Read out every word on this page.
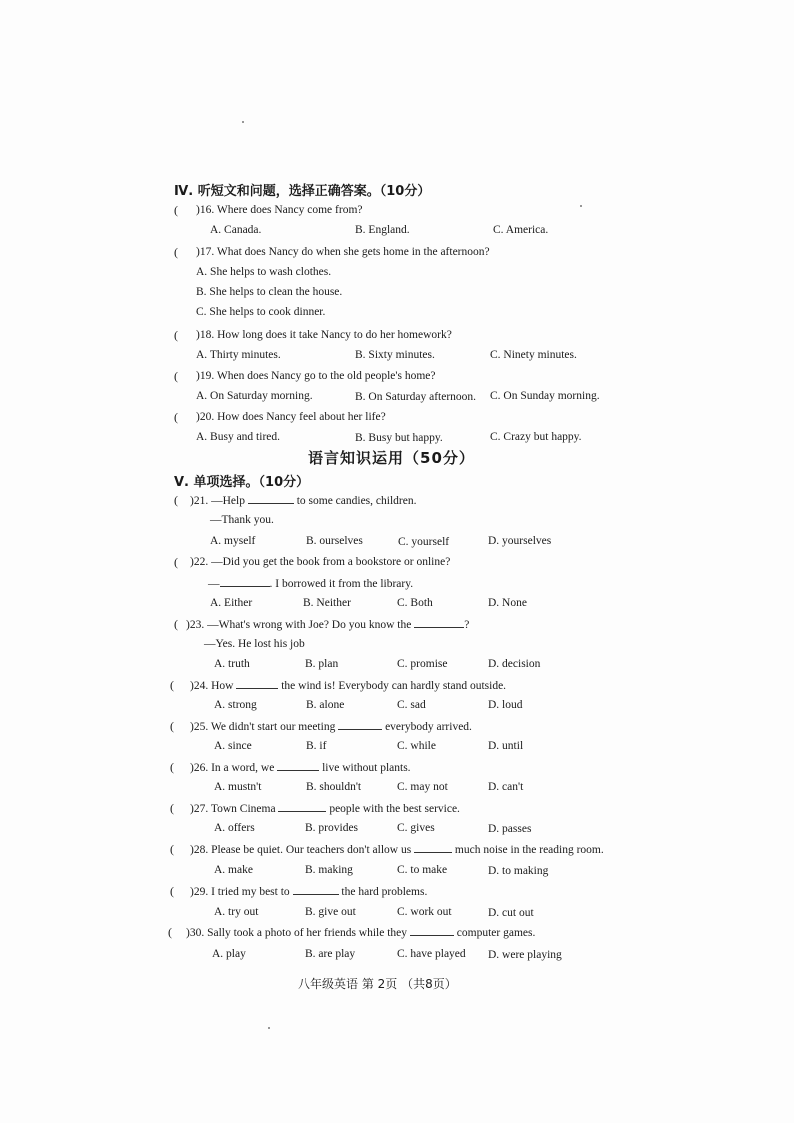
Ⅳ. 听短文和问题，选择正确答案。（10分）
( )16. Where does Nancy come from?
A. Canada.	B. England.	C. America.
( )17. What does Nancy do when she gets home in the afternoon?
A. She helps to wash clothes.
B. She helps to clean the house.
C. She helps to cook dinner.
( )18. How long does it take Nancy to do her homework?
A. Thirty minutes.	B. Sixty minutes.	C. Ninety minutes.
( )19. When does Nancy go to the old people's home?
A. On Saturday morning.	B. On Saturday afternoon. C. On Sunday morning.
( )20. How does Nancy feel about her life?
A. Busy and tired.	B. Busy but happy.	C. Crazy but happy.
语言知识运用（50分）
Ⅴ. 单项选择。（10分）
( )21. —Help	to some candies, children.
—Thank you.
A. myself	B. ourselves	C. yourself	D. yourselves
( )22. —Did you get the book from a bookstore or online?
—	. I borrowed it from the library.
A. Either	B. Neither	C. Both	D. None
( )23. —What's wrong with Joe? Do you know the	?
—Yes. He lost his job
A. truth	B. plan	C. promise	D. decision
( )24. How	the wind is! Everybody can hardly stand outside.
A. strong	B. alone	C. sad	D. loud
( )25. We didn't start our meeting	everybody arrived.
A. since	B. if	C. while	D. until
( )26. In a word, we	live without plants.
A. mustn't	B. shouldn't	C. may not	D. can't
( )27. Town Cinema	people with the best service.
A. offers	B. provides	C. gives	D. passes
( )28. Please be quiet. Our teachers don't allow us	much noise in the reading room.
A. make	B. making	C. to make	D. to making
( )29. I tried my best to	the hard problems.
A. try out	B. give out	C. work out	D. cut out
( )30. Sally took a photo of her friends while they	computer games.
A. play	B. are play	C. have played D. were playing
八年级英语 第 2页 （共8页）
